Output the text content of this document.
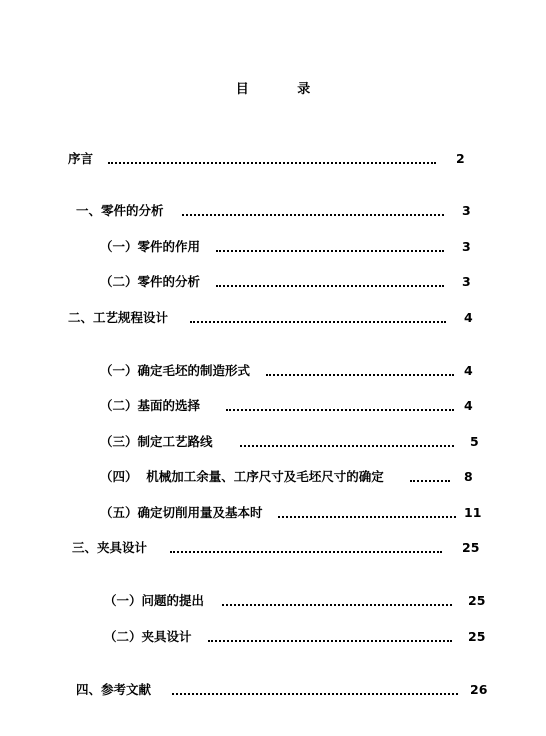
目 录
序言	2
一、零件的分析	3
（一）零件的作用	3
（二）零件的分析	3
二、工艺规程设计	4
（一）确定毛坯的制造形式	4
（二）基面的选择	4
（三）制定工艺路线	5
（四）  机械加工余量、工序尺寸及毛坯尺寸的确定	8
（五）确定切削用量及基本时	11
三、夹具设计	25
（一）问题的提出	25
（二）夹具设计	25
四、参考文献	26
